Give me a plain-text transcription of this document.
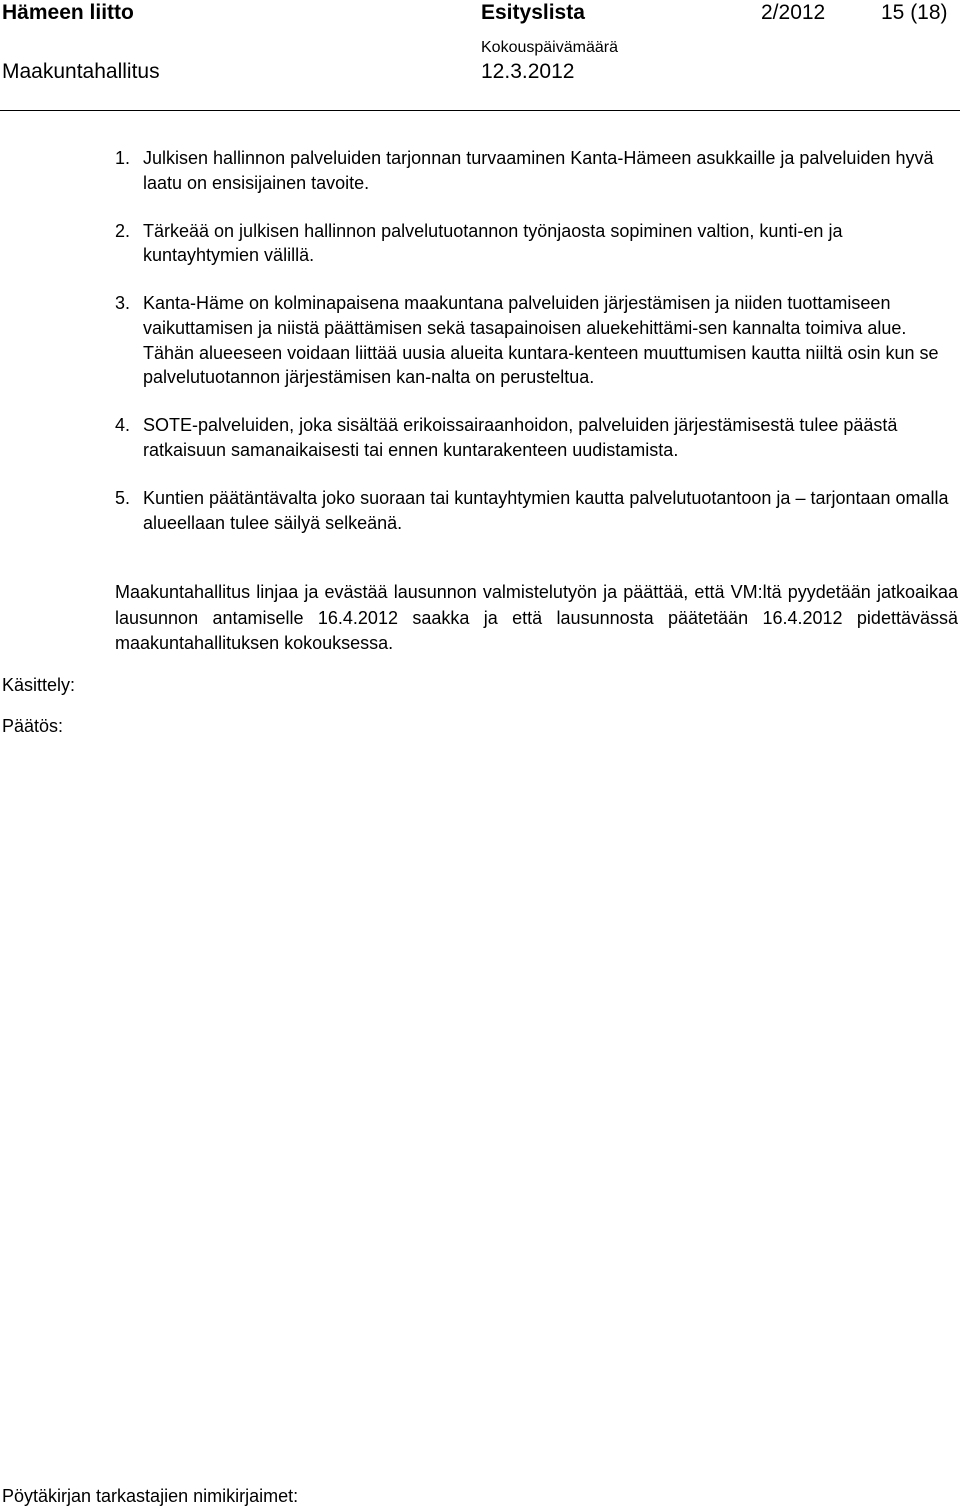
Hämeen liitto	Esityslista	2/2012	15 (18)
Kokouspäivämäärä
Maakuntahallitus	12.3.2012
1. Julkisen hallinnon palveluiden tarjonnan turvaaminen Kanta-Hämeen asukkaille ja palveluiden hyvä laatu on ensisijainen tavoite.
2. Tärkeää on julkisen hallinnon palvelutuotannon työnjaosta sopiminen valtion, kunti-en ja kuntayhtymien välillä.
3. Kanta-Häme on kolminapaisena maakuntana palveluiden järjestämisen ja niiden tuottamiseen vaikuttamisen ja niistä päättämisen sekä tasapainoisen aluekehittämi-sen kannalta toimiva alue. Tähän alueeseen voidaan liittää uusia alueita kuntara-kenteen muuttumisen kautta niiltä osin kun se palvelutuotannon järjestämisen kan-nalta on perusteltua.
4. SOTE-palveluiden, joka sisältää erikoissairaanhoidon, palveluiden järjestämisestä tulee päästä ratkaisuun samanaikaisesti tai ennen kuntarakenteen uudistamista.
5. Kuntien päätäntävalta joko suoraan tai kuntayhtymien kautta palvelutuotantoon ja – tarjontaan omalla alueellaan tulee säilyä selkeänä.

Maakuntahallitus linjaa ja evästää lausunnon valmistelutyön ja päättää, että VM:ltä pyydetään jatkoaikaa lausunnon antamiselle 16.4.2012 saakka ja että lausunnosta päätetään 16.4.2012 pidettävässä maakuntahallituksen kokouksessa.

Käsittely:
Päätös:
Pöytäkirjan tarkastajien nimikirjaimet:
